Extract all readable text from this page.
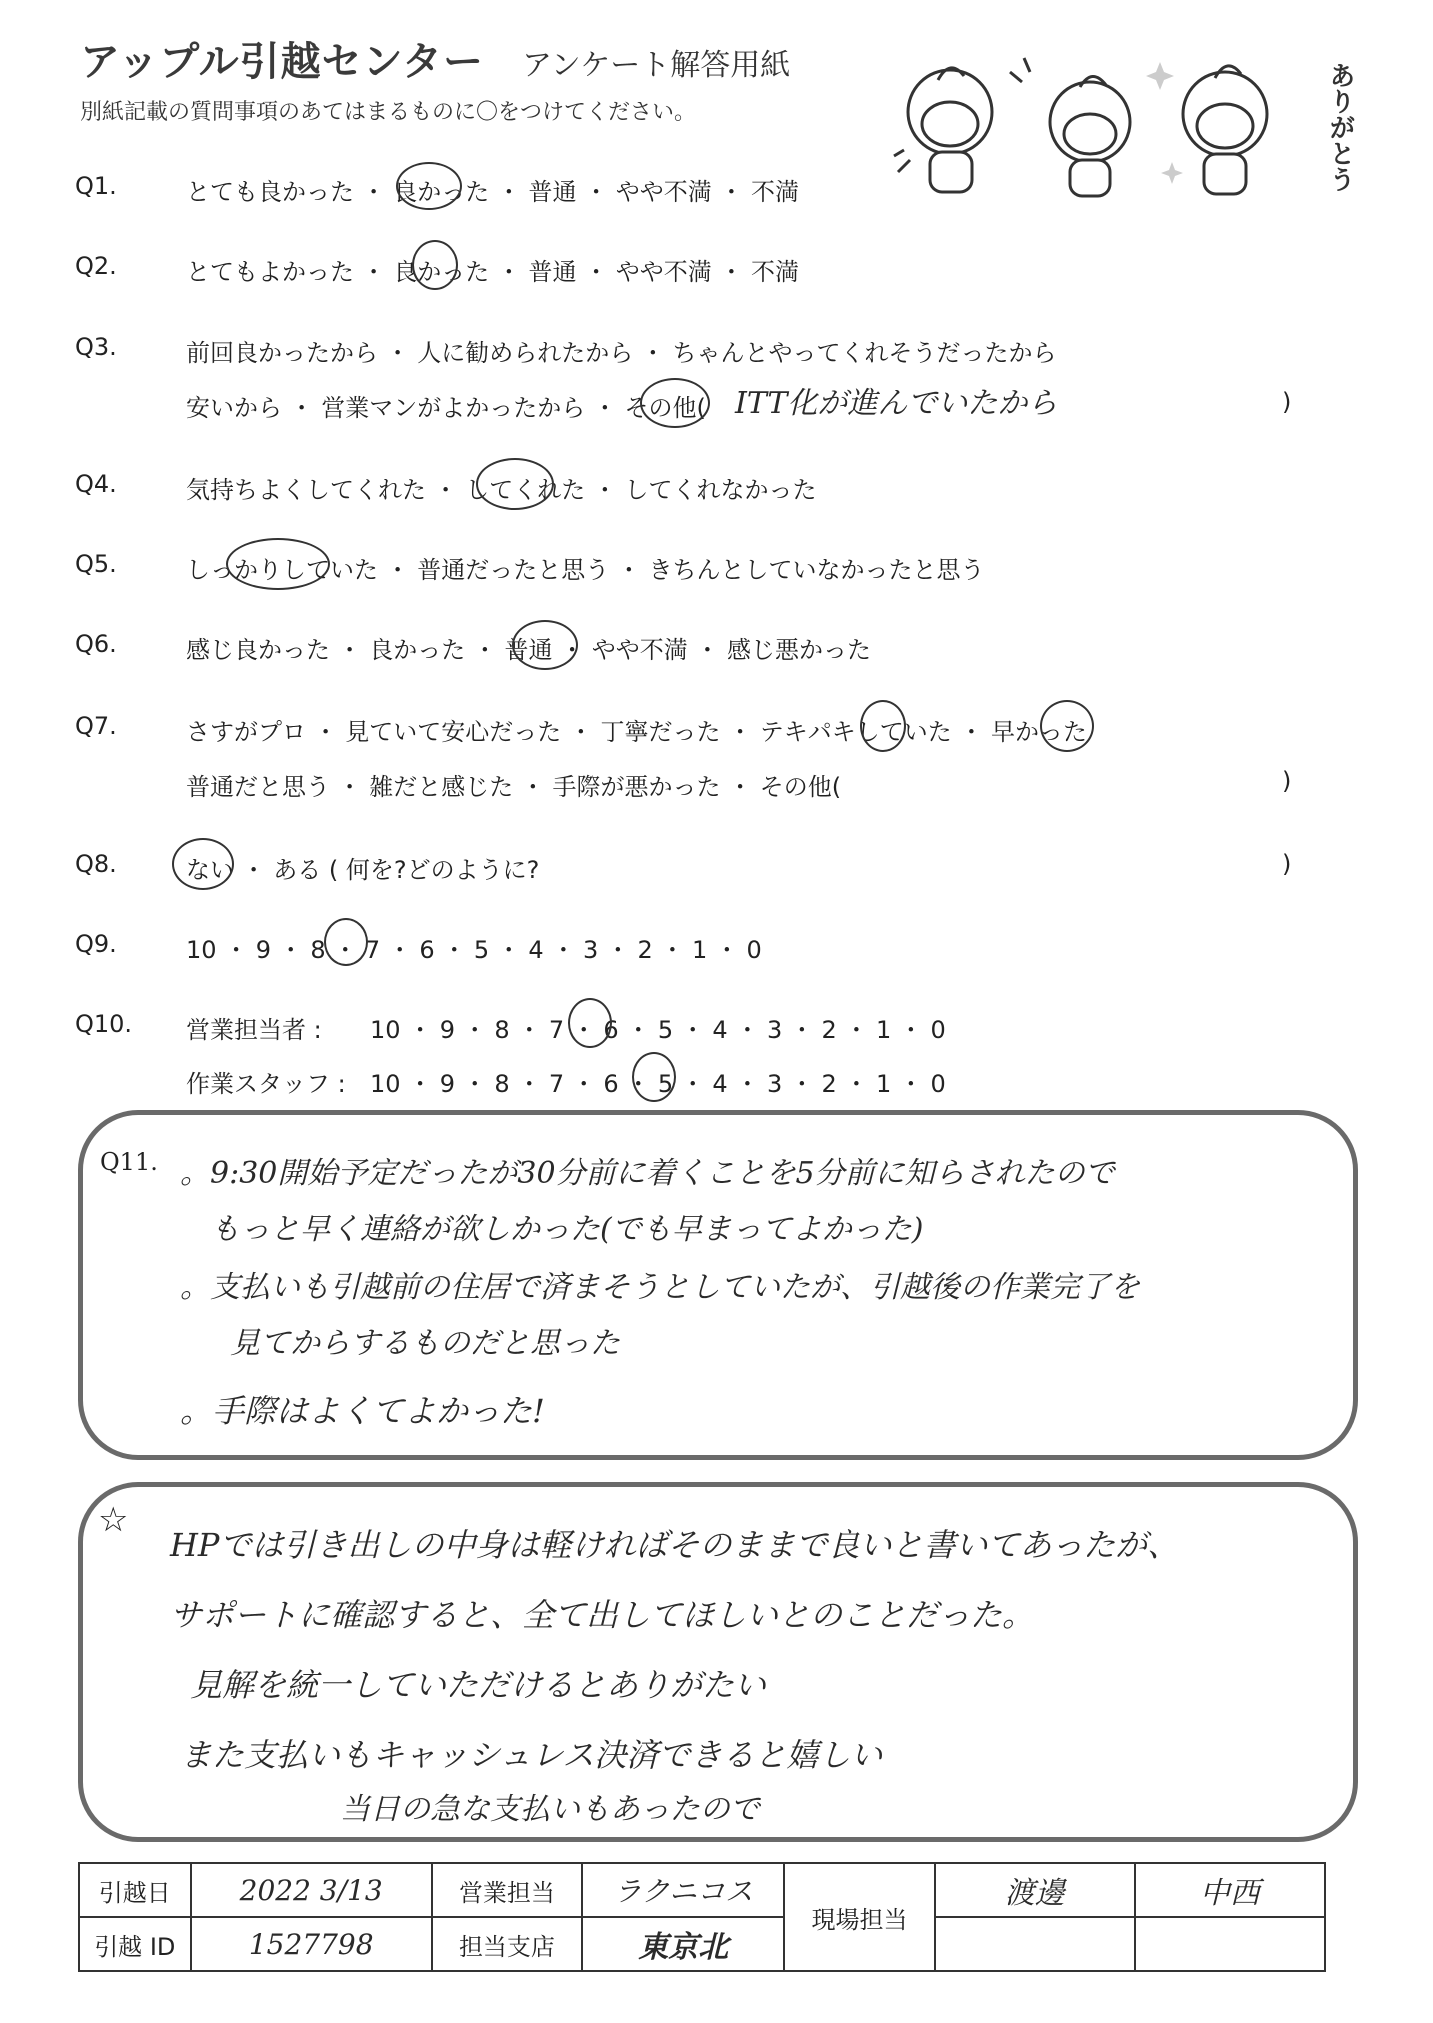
アップル引越センター アンケート解答用紙
別紙記載の質問事項のあてはまるものに〇をつけてください。	ありがとう
Q1.	とても良かった ・ 良かった ・ 普通 ・ やや不満 ・ 不満
Q2.	とてもよかった ・ 良かった ・ 普通 ・ やや不満 ・ 不満
Q3.	前回良かったから ・ 人に勧められたから ・ ちゃんとやってくれそうだったから
安いから ・ 営業マンがよかったから ・ その他( ITT化が進んでいたから	)
Q4.	気持ちよくしてくれた ・ してくれた ・ してくれなかった
Q5.	しっかりしていた ・ 普通だったと思う ・ きちんとしていなかったと思う
Q6.	感じ良かった ・ 良かった ・ 普通 ・ やや不満 ・ 感じ悪かった
Q7.	さすがプロ ・ 見ていて安心だった ・ 丁寧だった ・ テキパキしていた ・ 早かった
普通だと思う ・ 雑だと感じた ・ 手際が悪かった ・ その他(	)
Q8.	ない ・ ある ( 何を?どのように?	)
Q9.	10 ・ 9 ・ 8 ・ 7 ・ 6 ・ 5 ・ 4 ・ 3 ・ 2 ・ 1 ・ 0
Q10. 営業担当者 : 10 ・ 9 ・ 8 ・ 7 ・ 6 ・ 5 ・ 4 ・ 3 ・ 2 ・ 1 ・ 0
作業スタッフ : 10 ・ 9 ・ 8 ・ 7 ・ 6 ・ 5 ・ 4 ・ 3 ・ 2 ・ 1 ・ 0
Q11. 。9:30開始予定だったが30分前に着くことを5分前に知らされたので
もっと早く連絡が欲しかった(でも早まってよかった)
。支払いも引越前の住居で済まそうとしていたが、引越後の作業完了を
見てからするものだと思った
。手際はよくてよかった!
☆
HPでは引き出しの中身は軽ければそのままで良いと書いてあったが、
サポートに確認すると、全て出してほしいとのことだった。
見解を統一していただけるとありがたい
また支払いもキャッシュレス決済できると嬉しい
当日の急な支払いもあったので
引越日	2022 3/13	営業担当	ラクニコス	現場担当	渡邊	中西
引越 ID	1527798	担当支店	東京北			
